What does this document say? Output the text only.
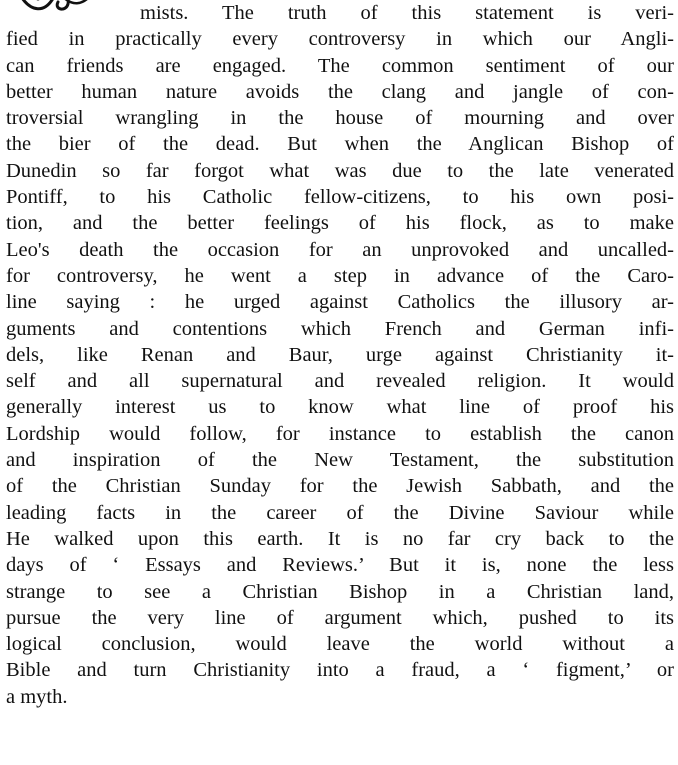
mists. The truth of this statement is veri-
fied in practically every controversy in which our Angli-
can friends are engaged. The common sentiment of our
better human nature avoids the clang and jangle of con-
troversial wrangling in the house of mourning and over
the bier of the dead. But when the Anglican Bishop of
Dunedin so far forgot what was due to the late venerated
Pontiff, to his Catholic fellow-citizens, to his own posi-
tion, and the better feelings of his flock, as to make
Leo's death the occasion for an unprovoked and uncalled-
for controversy, he went a step in advance of the Caro-
line saying : he urged against Catholics the illusory ar-
guments and contentions which French and German infi-
dels, like Renan and Baur, urge against Christianity it-
self and all supernatural and revealed religion. It would
generally interest us to know what line of proof his
Lordship would follow, for instance to establish the canon
and inspiration of the New Testament, the substitution
of the Christian Sunday for the Jewish Sabbath, and the
leading facts in the career of the Divine Saviour while
He walked upon this earth. It is no far cry back to the
days of ‘ Essays and Reviews.’ But it is, none the less
strange to see a Christian Bishop in a Christian land,
pursue the very line of argument which, pushed to its
logical conclusion, would leave the world without a
Bible and turn Christianity into a fraud, a ‘ figment,’ or
a myth.
